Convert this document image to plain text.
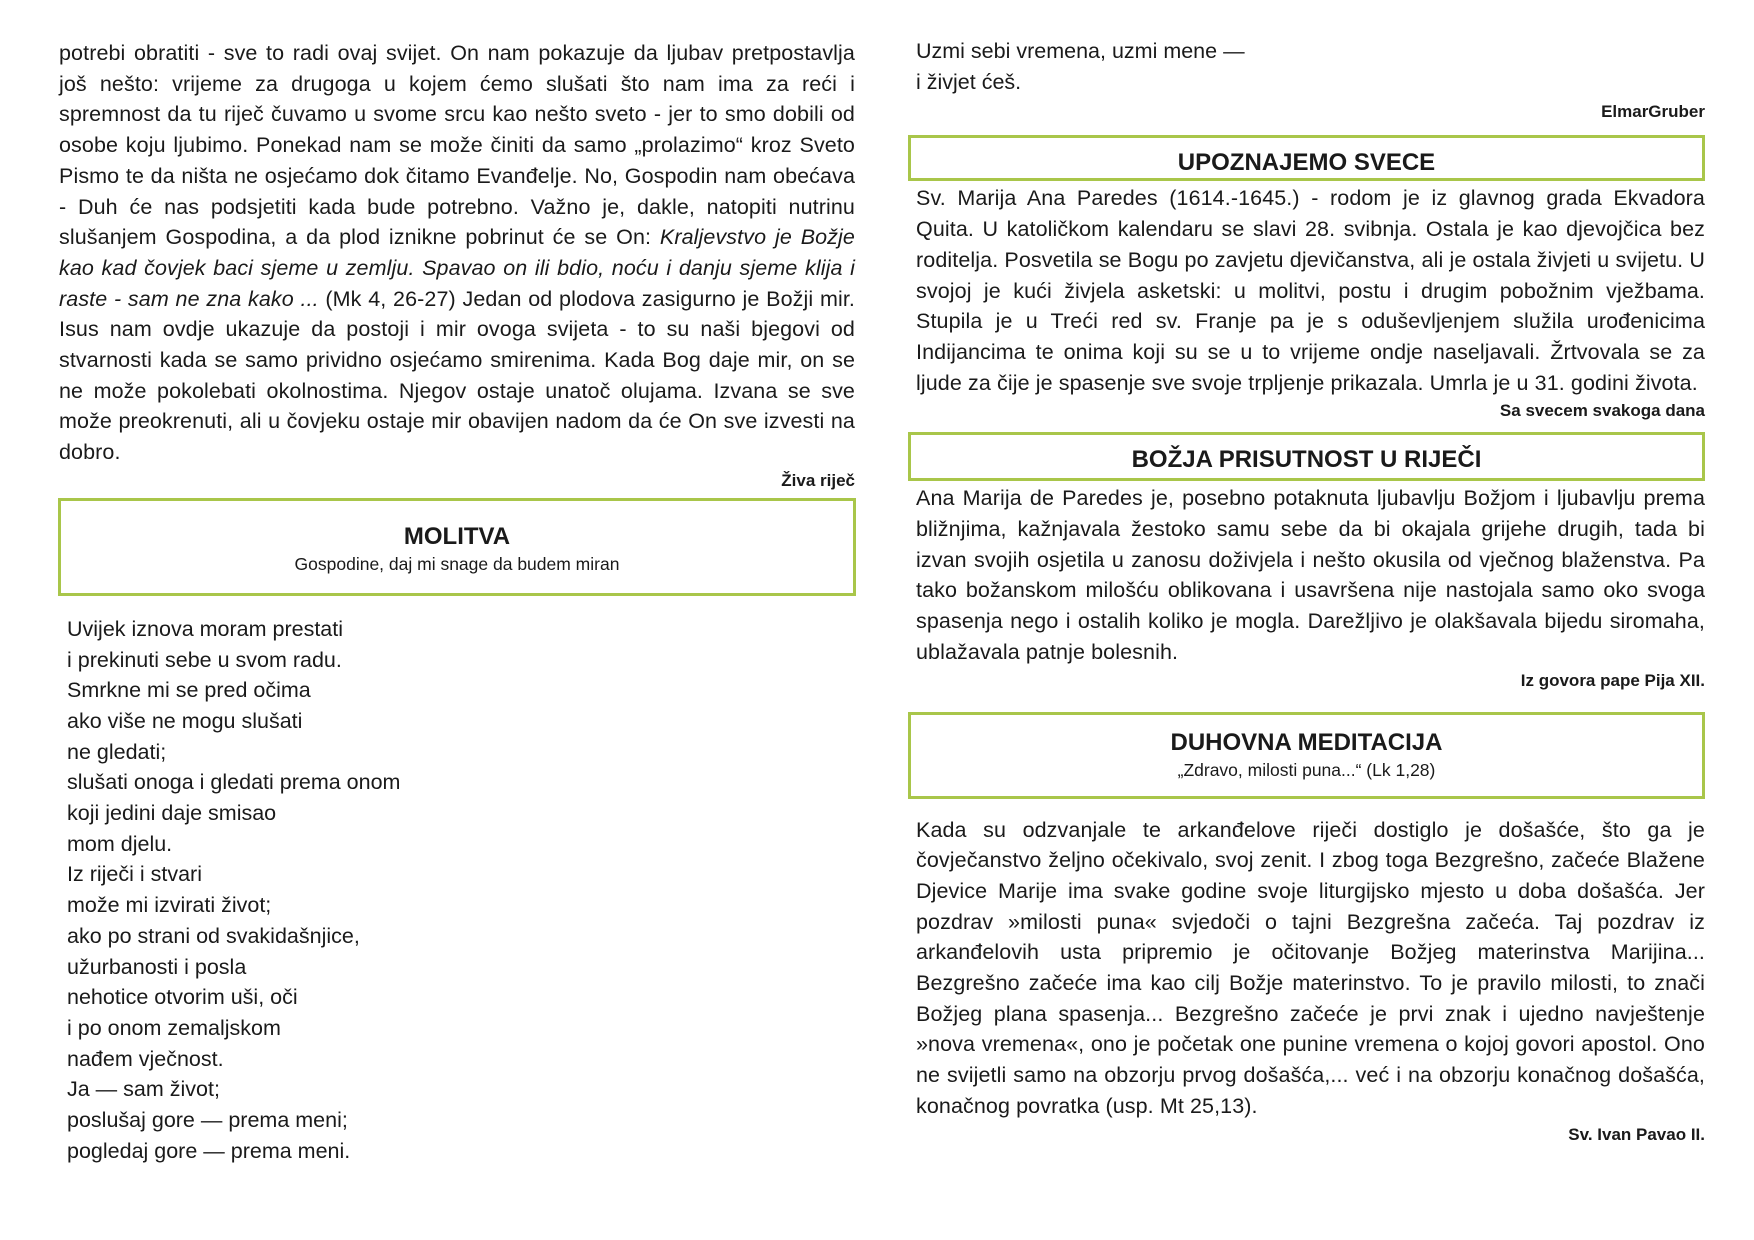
potrebi obratiti - sve to radi ovaj svijet. On nam pokazuje da ljubav pretpostavlja još nešto: vrijeme za drugoga u kojem ćemo slušati što nam ima za reći i spremnost da tu riječ čuvamo u svome srcu kao nešto sveto - jer to smo dobili od osobe koju ljubimo. Ponekad nam se može činiti da samo „prolazimo“ kroz Sveto Pismo te da ništa ne osjećamo dok čitamo Evanđelje. No, Gospodin nam obećava - Duh će nas podsjetiti kada bude potrebno. Važno je, dakle, natopiti nutrinu slušanjem Gospodina, a da plod iznikne pobrinut će se On: Kraljevstvo je Božje kao kad čovjek baci sjeme u zemlju. Spavao on ili bdio, noću i danju sjeme klija i raste - sam ne zna kako ... (Mk 4, 26-27) Jedan od plodova zasigurno je Božji mir. Isus nam ovdje ukazuje da postoji i mir ovoga svijeta - to su naši bjegovi od stvarnosti kada se samo prividno osjećamo smirenima. Kada Bog daje mir, on se ne može pokolebati okolnostima. Njegov ostaje unatoč olujama. Izvana se sve može preokrenuti, ali u čovjeku ostaje mir obavijen nadom da će On sve izvesti na dobro.

Živa riječ
MOLITVA
Gospodine, daj mi snage da budem miran
Uvijek iznova moram prestati
i prekinuti sebe u svom radu.
Smrkne mi se pred očima
ako više ne mogu slušati
ne gledati;
slušati onoga i gledati prema onom
koji jedini daje smisao
mom djelu.
Iz riječi i stvari
može mi izvirati život;
ako po strani od svakidašnjice,
užurbanosti i posla
nehotice otvorim uši, oči
i po onom zemaljskom
nađem vječnost.
Ja — sam život;
poslušaj gore — prema meni;
pogledaj gore — prema meni.
Uzmi sebi vremena, uzmi mene —
i živjet ćeš.
ElmarGruber
UPOZNAJEMO SVECE

Sv. Marija Ana Paredes (1614.-1645.) - rodom je iz glavnog grada Ekvadora Quita. U katoličkom kalendaru se slavi 28. svibnja. Ostala je kao djevojčica bez roditelja. Posvetila se Bogu po zavjetu djevičanstva, ali je ostala živjeti u svijetu. U svojoj je kući živjela asketski: u molitvi, postu i drugim pobožnim vježbama. Stupila je u Treći red sv. Franje pa je s oduševljenjem služila urođenicima Indijancima te onima koji su se u to vrijeme ondje naseljavali. Žrtvovala se za ljude za čije je spasenje sve svoje trpljenje prikazala. Umrla je u 31. godini života.

Sa svecem svakoga dana
BOŽJA PRISUTNOST U RIJEČI

Ana Marija de Paredes je, posebno potaknuta ljubavlju Božjom i ljubavlju prema bližnjima, kažnjavala žestoko samu sebe da bi okajala grijehe drugih, tada bi izvan svojih osjetila u zanosu doživjela i nešto okusila od vječnog blaženstva. Pa tako božanskom milošću oblikovana i usavršena nije nastojala samo oko svoga spasenja nego i ostalih koliko je mogla. Darežljivo je olakšavala bijedu siromaha, ublažavala patnje bolesnih.

Iz govora pape Pija XII.
DUHOVNA MEDITACIJA
„Zdravo, milosti puna...“ (Lk 1,28)

Kada su odzvanjale te arkanđelove riječi dostiglo je došašće, što ga je čovječanstvo željno očekivalo, svoj zenit. I zbog toga Bezgrešno, začeće Blažene Djevice Marije ima svake godine svoje liturgijsko mjesto u doba došašća. Jer pozdrav »milosti puna« svjedoči o tajni Bezgrešna začeća. Taj pozdrav iz arkanđelovih usta pripremio je očitovanje Božjeg materinstva Marijina... Bezgrešno začeće ima kao cilj Božje materinstvo. To je pravilo milosti, to znači Božjeg plana spasenja... Bezgrešno začeće je prvi znak i ujedno navještenje »nova vremena«, ono je početak one punine vremena o kojoj govori apostol. Ono ne svijetli samo na obzorju prvog došašća,... već i na obzorju konačnog došašća, konačnog povratka (usp. Mt 25,13).

Sv. Ivan Pavao II.
